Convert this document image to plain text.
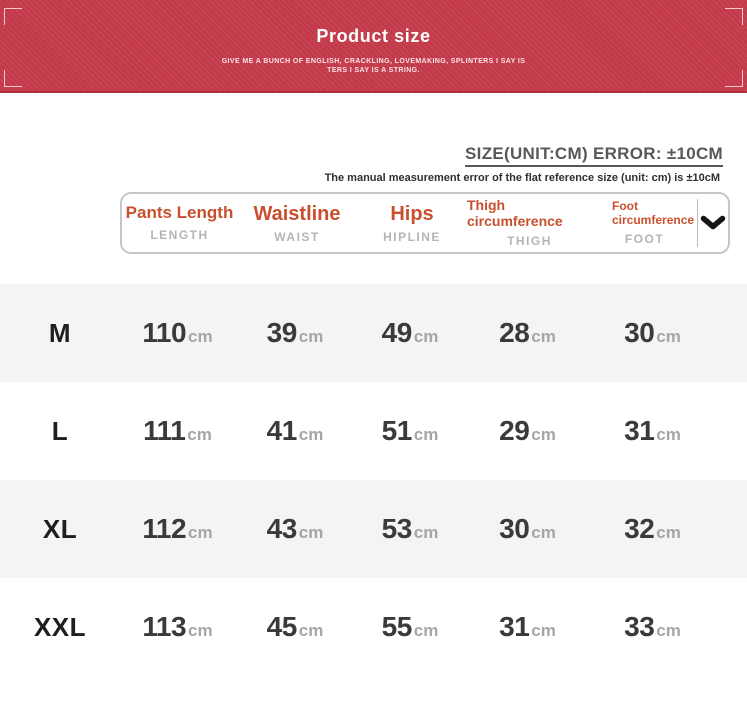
Product size
GIVE ME A BUNCH OF ENGLISH, CRACKLING, LOVEMAKING, SPLINTERS I SAY IS
TERS I SAY IS A STRING.
SIZE(UNIT:CM) ERROR: ±10CM
The manual measurement error of the flat reference size (unit: cm) is ±10cM
Pants Length
LENGTH
Waistline
WAIST
Hips
HIPLINE
Thigh circumference
THIGH
Foot circumference
FOOT
M	110 cm	39 cm	49 cm	28 cm	30 cm
L	111 cm	41 cm	51 cm	29 cm	31 cm
XL	112 cm	43 cm	53 cm	30 cm	32 cm
XXL	113 cm	45 cm	55 cm	31 cm	33 cm
